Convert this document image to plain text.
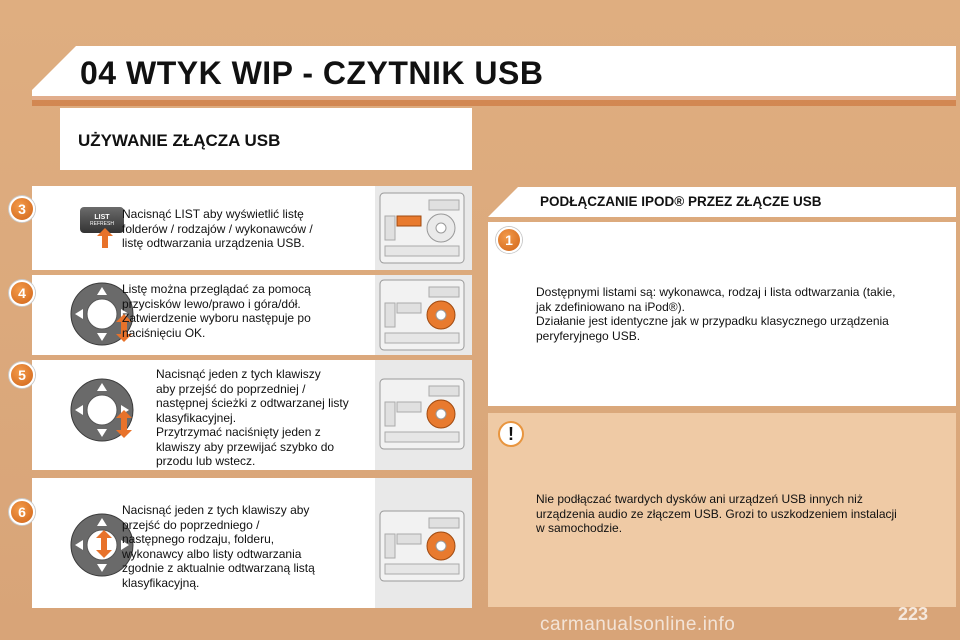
04 WTYK WIP - CZYTNIK USB
UŻYWANIE ZŁĄCZA USB
3	LIST
REFRESH
Nacisnąć LIST aby wyświetlić listę
folderów / rodzajów / wykonawców /
listę odtwarzania urządzenia USB.
4	Listę można przeglądać za pomocą
przycisków lewo/prawo i góra/dół.
Zatwierdzenie wyboru następuje po
naciśnięciu OK.
5	Nacisnąć jeden z tych klawiszy
aby przejść do poprzedniej /
następnej ścieżki z odtwarzanej listy
klasyfikacyjnej.
Przytrzymać naciśnięty jeden z
klawiszy aby przewijać szybko do
przodu lub wstecz.
6	Nacisnąć jeden z tych klawiszy aby
przejść do poprzedniego /
następnego rodzaju, folderu,
wykonawcy albo listy odtwarzania
zgodnie z aktualnie odtwarzaną listą
klasyfikacyjną.
PODŁĄCZANIE IPOD® PRZEZ ZŁĄCZE USB
1
Dostępnymi listami są: wykonawca, rodzaj i lista odtwarzania (takie,
jak zdefiniowano na iPod®).
Działanie jest identyczne jak w przypadku klasycznego urządzenia
peryferyjnego USB.
!
Nie podłączać twardych dysków ani urządzeń USB innych niż
urządzenia audio ze złączem USB. Grozi to uszkodzeniem instalacji
w samochodzie.
223
carmanualsonline.info
